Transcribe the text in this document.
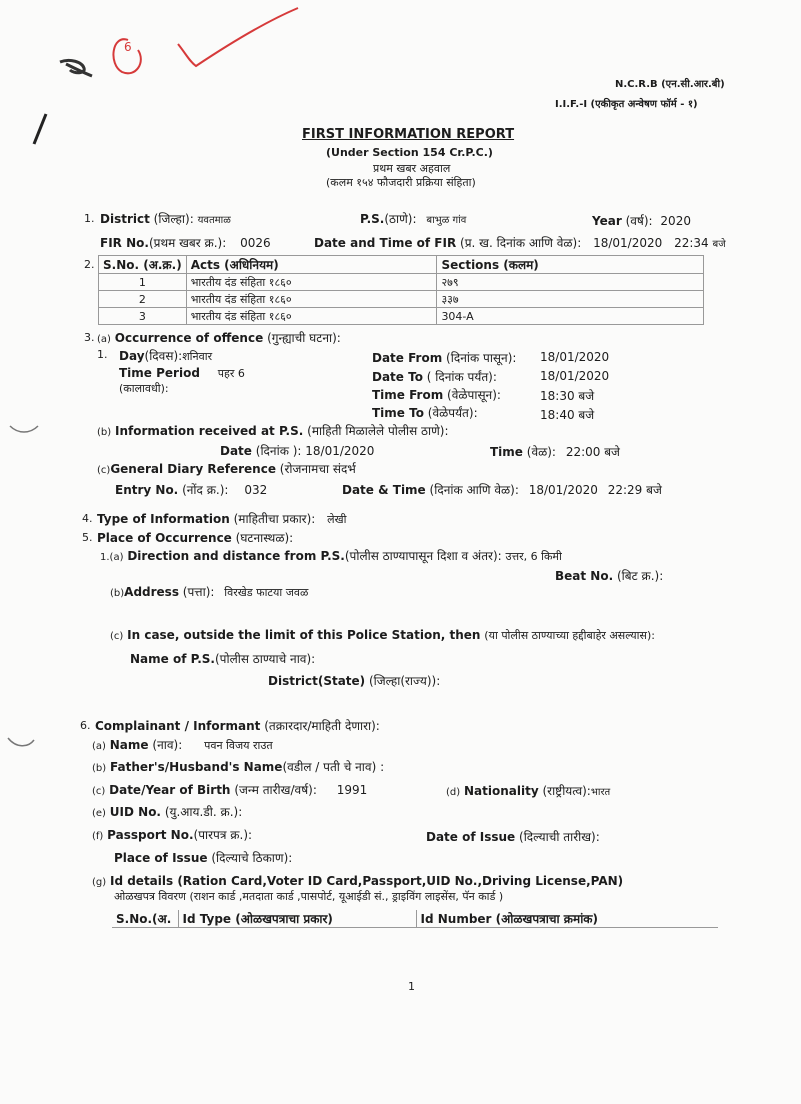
6
N.C.R.B (एन.सी.आर.बी)
I.I.F.-I (एकीकृत अन्वेषण फॉर्म - १)
FIRST INFORMATION REPORT
(Under Section 154 Cr.P.C.)
प्रथम खबर अहवाल
(कलम १५४ फौजदारी प्रक्रिया संहिता)
1. District (जिल्हा): यवतमाळ	P.S.(ठाणे): बाभुळ गांव	Year (वर्ष): 2020
FIR No.(प्रथम खबर क्र.): 0026	Date and Time of FIR (प्र. ख. दिनांक आणि वेळ): 18/01/2020 22:34 बजे
2. S.No. (अ.क्र.)	Acts (अधिनियम)	Sections (कलम)
1	भारतीय दंड संहिता १८६०	२७९
2	भारतीय दंड संहिता १८६०	३३७
3	भारतीय दंड संहिता १८६०	304-A
3. (a) Occurrence of offence (गुन्ह्याची घटना):
1. Day(दिवस):शनिवार
Time Period पहर 6
(कालावधी):
Date From (दिनांक पासून): 18/01/2020
Date To ( दिनांक पर्यंत):	18/01/2020
Time From (वेळेपासून):	18:30 बजे
Time To (वेळेपर्यंत):	18:40 बजे
(b) Information received at P.S. (माहिती मिळालेले पोलीस ठाणे):
Date (दिनांक ): 18/01/2020	Time (वेळ): 22:00 बजे
(c)General Diary Reference (रोजनामचा संदर्भ
Entry No. (नोंद क्र.): 032	Date & Time (दिनांक आणि वेळ): 18/01/2020 22:29 बजे
4. Type of Information (माहितीचा प्रकार): लेखी
5. Place of Occurrence (घटनास्थळ):
1.(a) Direction and distance from P.S.(पोलीस ठाण्यापासून दिशा व अंतर): उत्तर, 6 किमी
Beat No. (बिट क्र.):
(b)Address (पत्ता): विरखेड फाटया जवळ
(c) In case, outside the limit of this Police Station, then (या पोलीस ठाण्याच्या हद्दीबाहेर असल्यास):
Name of P.S.(पोलीस ठाण्याचे नाव):
District(State) (जिल्हा(राज्य)):
6. Complainant / Informant (तक्रारदार/माहिती देणारा):
(a) Name (नाव): पवन विजय राउत
(b) Father's/Husband's Name(वडील / पती चे नाव) :
(c) Date/Year of Birth (जन्म तारीख/वर्ष): 1991	(d) Nationality (राष्ट्रीयत्व):भारत
(e) UID No. (यु.आय.डी. क्र.):
(f) Passport No.(पारपत्र क्र.):	Date of Issue (दिल्याची तारीख):
Place of Issue (दिल्याचे ठिकाण):
(g) Id details (Ration Card,Voter ID Card,Passport,UID No.,Driving License,PAN)
ओळखपत्र विवरण (राशन कार्ड ,मतदाता कार्ड ,पासपोर्ट, यूआईडी सं., ड्राइविंग लाइसेंस, पॅन कार्ड )
S.No.(अ.	Id Type (ओळखपत्राचा प्रकार)	Id Number (ओळखपत्राचा क्रमांक)
1
